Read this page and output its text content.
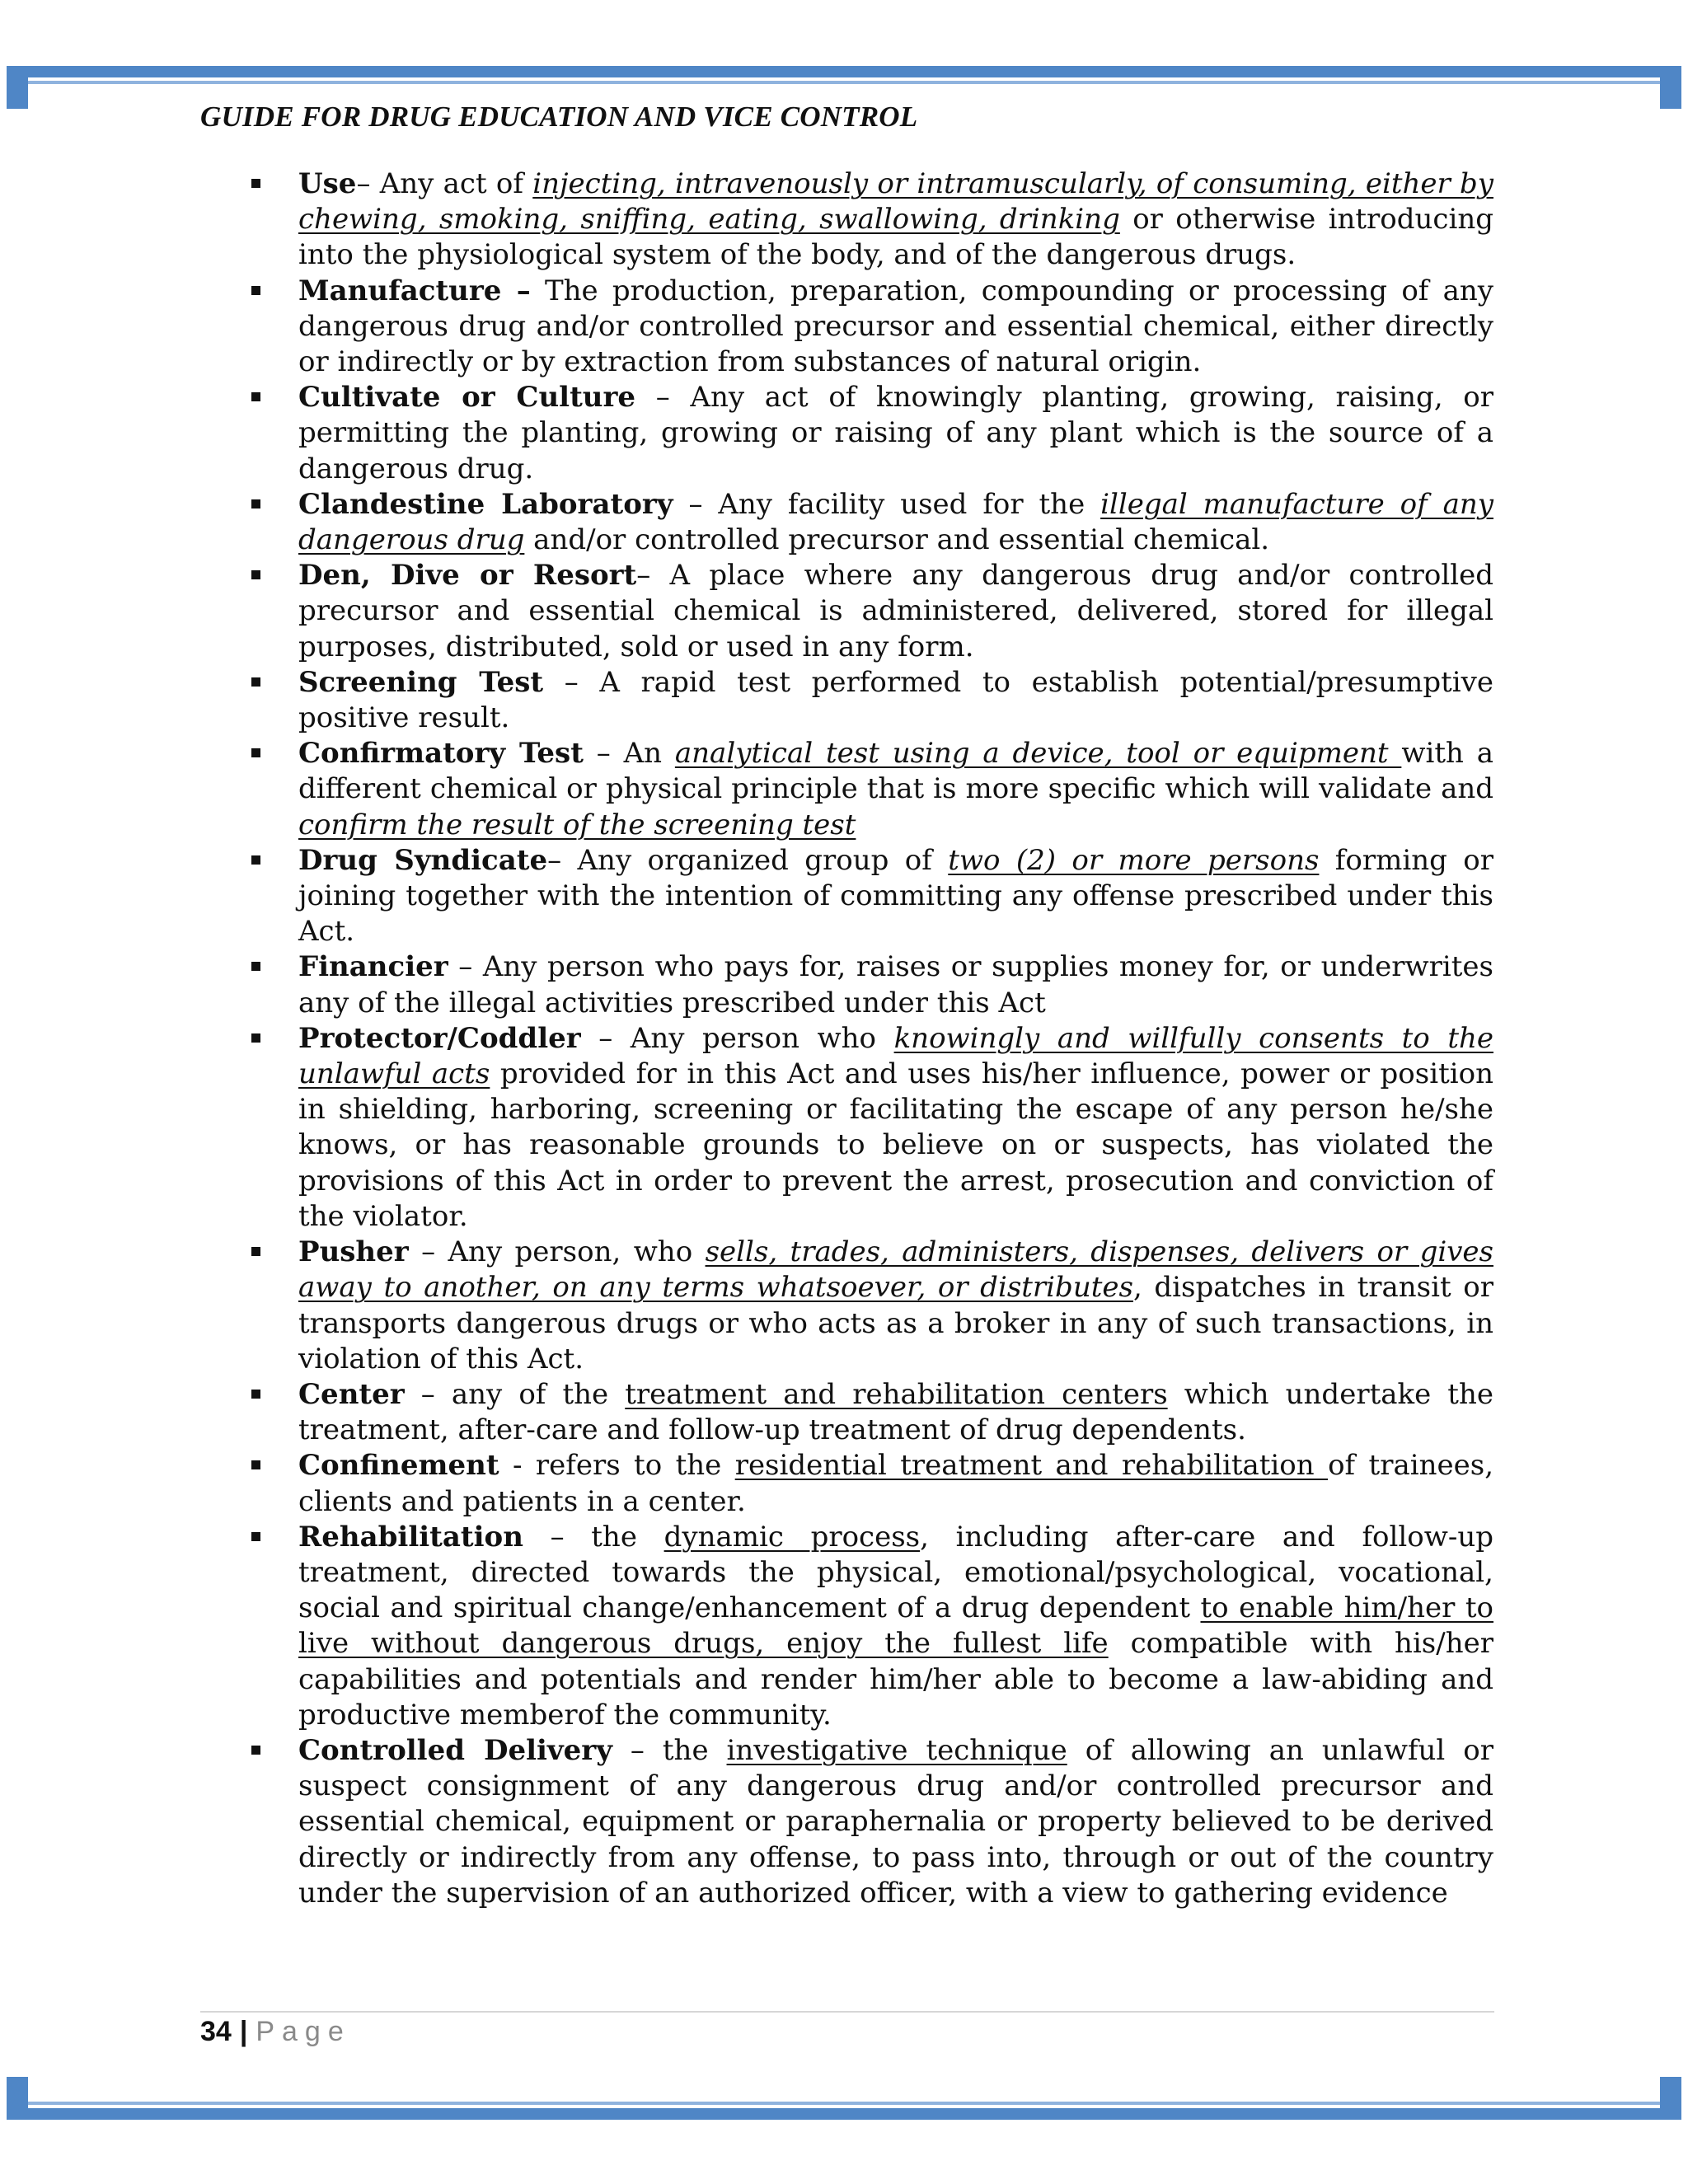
GUIDE FOR DRUG EDUCATION AND VICE CONTROL
Use– Any act of injecting, intravenously or intramuscularly, of consuming, either by chewing, smoking, sniffing, eating, swallowing, drinking or otherwise introducing into the physiological system of the body, and of the dangerous drugs.
Manufacture – The production, preparation, compounding or processing of any dangerous drug and/or controlled precursor and essential chemical, either directly or indirectly or by extraction from substances of natural origin.
Cultivate or Culture – Any act of knowingly planting, growing, raising, or permitting the planting, growing or raising of any plant which is the source of a dangerous drug.
Clandestine Laboratory – Any facility used for the illegal manufacture of any dangerous drug and/or controlled precursor and essential chemical.
Den, Dive or Resort– A place where any dangerous drug and/or controlled precursor and essential chemical is administered, delivered, stored for illegal purposes, distributed, sold or used in any form.
Screening Test – A rapid test performed to establish potential/presumptive positive result.
Confirmatory Test – An analytical test using a device, tool or equipment with a different chemical or physical principle that is more specific which will validate and confirm the result of the screening test
Drug Syndicate– Any organized group of two (2) or more persons forming or joining together with the intention of committing any offense prescribed under this Act.
Financier – Any person who pays for, raises or supplies money for, or underwrites any of the illegal activities prescribed under this Act
Protector/Coddler – Any person who knowingly and willfully consents to the unlawful acts provided for in this Act and uses his/her influence, power or position in shielding, harboring, screening or facilitating the escape of any person he/she knows, or has reasonable grounds to believe on or suspects, has violated the provisions of this Act in order to prevent the arrest, prosecution and conviction of the violator.
Pusher – Any person, who sells, trades, administers, dispenses, delivers or gives away to another, on any terms whatsoever, or distributes, dispatches in transit or transports dangerous drugs or who acts as a broker in any of such transactions, in violation of this Act.
Center – any of the treatment and rehabilitation centers which undertake the treatment, after-care and follow-up treatment of drug dependents.
Confinement - refers to the residential treatment and rehabilitation of trainees, clients and patients in a center.
Rehabilitation – the dynamic process, including after-care and follow-up treatment, directed towards the physical, emotional/psychological, vocational, social and spiritual change/enhancement of a drug dependent to enable him/her to live without dangerous drugs, enjoy the fullest life compatible with his/her capabilities and potentials and render him/her able to become a law-abiding and productive memberof the community.
Controlled Delivery – the investigative technique of allowing an unlawful or suspect consignment of any dangerous drug and/or controlled precursor and essential chemical, equipment or paraphernalia or property believed to be derived directly or indirectly from any offense, to pass into, through or out of the country under the supervision of an authorized officer, with a view to gathering evidence
34 | Page
